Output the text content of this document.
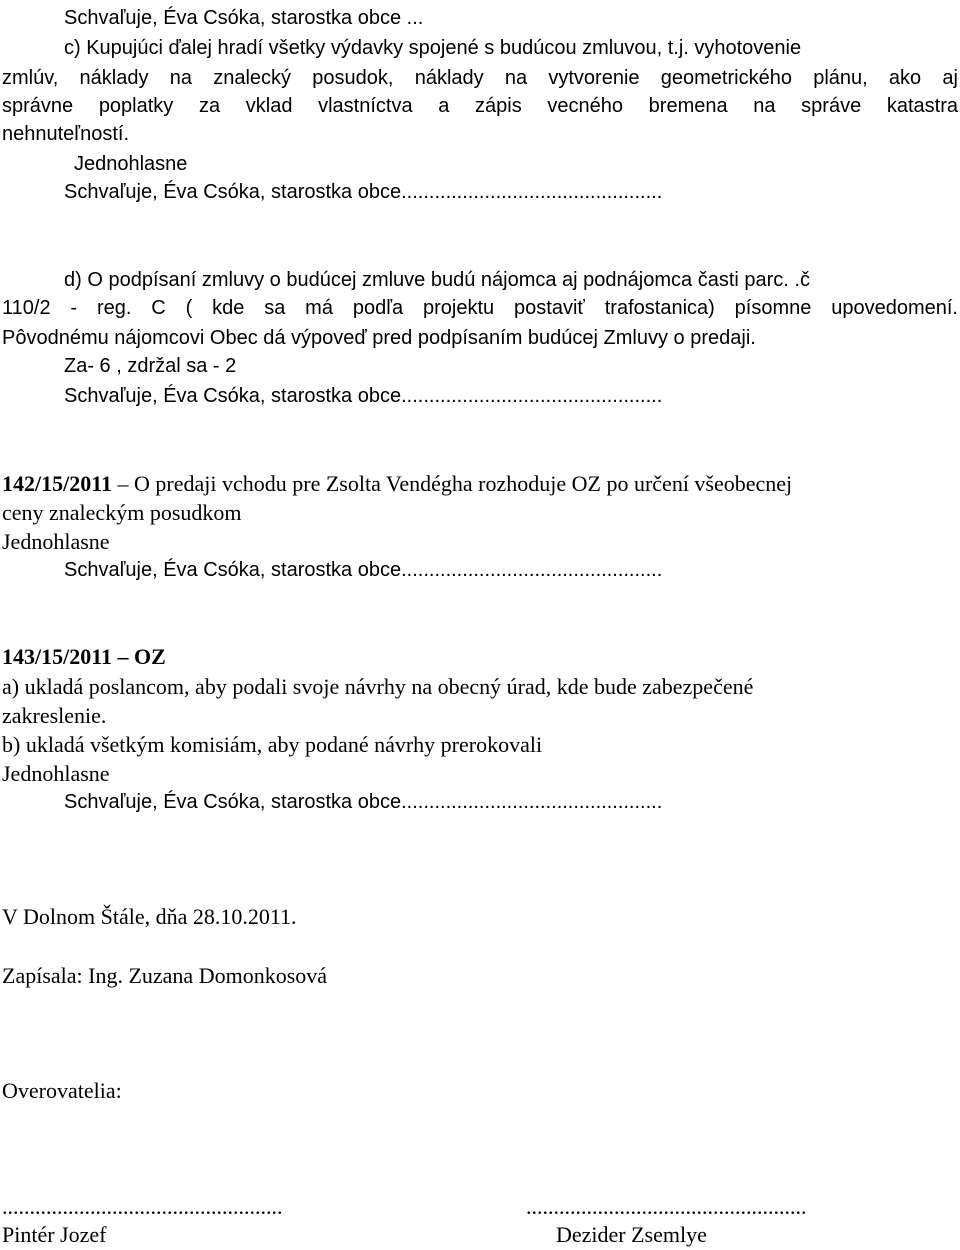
Schvaľuje, Éva Csóka, starostka obce ...
c) Kupujúci ďalej hradí všetky výdavky spojené s budúcou zmluvou, t.j. vyhotovenie
zmlúv, náklady na znalecký posudok, náklady na vytvorenie geometrického plánu, ako aj
správne poplatky za vklad vlastníctva a zápis vecného bremena na správe katastra
nehnuteľností.
Jednohlasne
Schvaľuje, Éva Csóka, starostka obce...............................................
d) O podpísaní zmluvy o budúcej zmluve budú nájomca aj podnájomca časti parc. .č
110/2 - reg. C ( kde sa má podľa projektu postaviť trafostanica) písomne upovedomení.
Pôvodnému nájomcovi Obec dá výpoveď pred podpísaním budúcej Zmluvy o predaji.
Za- 6 , zdržal sa - 2
Schvaľuje, Éva Csóka, starostka obce...............................................
142/15/2011 – O predaji vchodu pre Zsolta Vendégha rozhoduje OZ po určení všeobecnej
ceny znaleckým posudkom
Jednohlasne
Schvaľuje, Éva Csóka, starostka obce...............................................
143/15/2011 – OZ
a) ukladá poslancom, aby podali svoje návrhy na obecný úrad, kde bude zabezpečené
zakreslenie.
b) ukladá všetkým komisiám, aby podané návrhy prerokovali
Jednohlasne
Schvaľuje, Éva Csóka, starostka obce...............................................
V Dolnom Štále, dňa 28.10.2011.
Zapísala: Ing. Zuzana Domonkosová
Overovatelia:
...................................................	...................................................
Pintér Jozef	Dezider Zsemlye
